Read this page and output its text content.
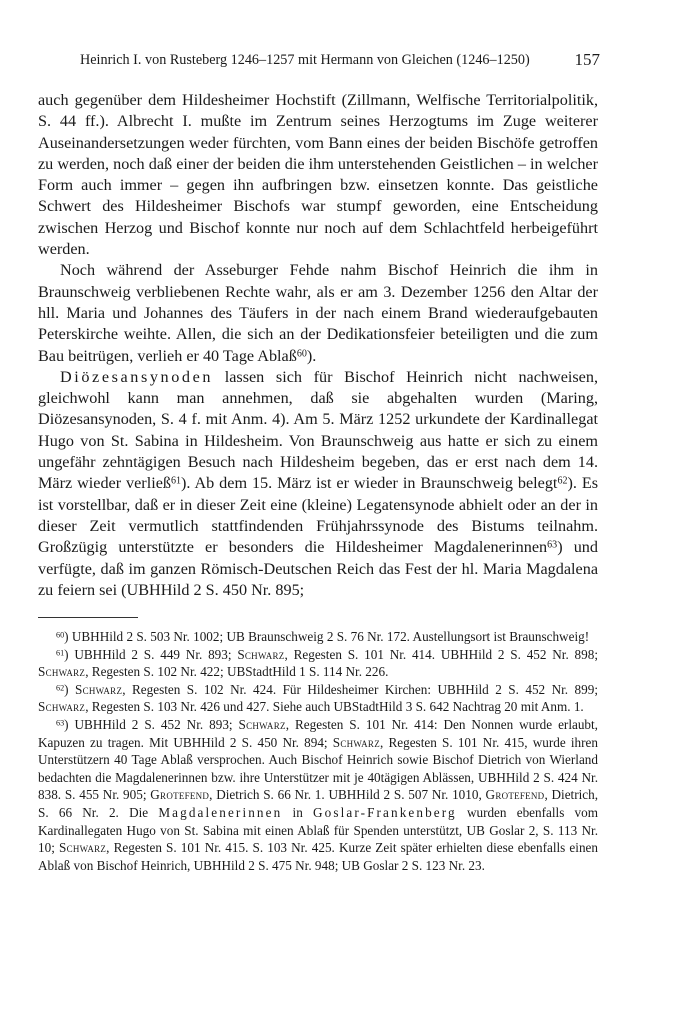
Heinrich I. von Rusteberg 1246–1257 mit Hermann von Gleichen (1246–1250)	157

auch gegenüber dem Hildesheimer Hochstift (Zillmann, Welfische Territorialpolitik, S. 44 ff.). Albrecht I. mußte im Zentrum seines Herzogtums im Zuge weiterer Auseinandersetzungen weder fürchten, vom Bann eines der beiden Bischöfe getroffen zu werden, noch daß einer der beiden die ihm unterstehenden Geistlichen – in welcher Form auch immer – gegen ihn aufbringen bzw. einsetzen konnte. Das geistliche Schwert des Hildesheimer Bischofs war stumpf geworden, eine Entscheidung zwischen Herzog und Bischof konnte nur noch auf dem Schlachtfeld herbeigeführt werden.

Noch während der Asseburger Fehde nahm Bischof Heinrich die ihm in Braunschweig verbliebenen Rechte wahr, als er am 3. Dezember 1256 den Altar der hll. Maria und Johannes des Täufers in der nach einem Brand wiederaufgebauten Peterskirche weihte. Allen, die sich an der Dedikationsfeier beteiligten und die zum Bau beitrügen, verlieh er 40 Tage Ablaß$^{60}$).

Diözesansynoden lassen sich für Bischof Heinrich nicht nachweisen, gleichwohl kann man annehmen, daß sie abgehalten wurden (Maring, Diözesansynoden, S. 4 f. mit Anm. 4). Am 5. März 1252 urkundete der Kardinallegat Hugo von St. Sabina in Hildesheim. Von Braunschweig aus hatte er sich zu einem ungefähr zehntägigen Besuch nach Hildesheim begeben, das er erst nach dem 14. März wieder verließ$^{61}$). Ab dem 15. März ist er wieder in Braunschweig belegt$^{62}$). Es ist vorstellbar, daß er in dieser Zeit eine (kleine) Legatensynode abhielt oder an der in dieser Zeit vermutlich stattfindenden Frühjahrssynode des Bistums teilnahm. Großzügig unterstützte er besonders die Hildesheimer Magdalenerinnen$^{63}$) und verfügte, daß im ganzen Römisch-Deutschen Reich das Fest der hl. Maria Magdalena zu feiern sei (UBHHild 2 S. 450 Nr. 895;

$^{60}$) UBHHild 2 S. 503 Nr. 1002; UB Braunschweig 2 S. 76 Nr. 172. Austellungsort ist Braunschweig!

$^{61}$) UBHHild 2 S. 449 Nr. 893; Schwarz, Regesten S. 101 Nr. 414. UBHHild 2 S. 452 Nr. 898; Schwarz, Regesten S. 102 Nr. 422; UBStadtHild 1 S. 114 Nr. 226.

$^{62}$) Schwarz, Regesten S. 102 Nr. 424. Für Hildesheimer Kirchen: UBHHild 2 S. 452 Nr. 899; Schwarz, Regesten S. 103 Nr. 426 und 427. Siehe auch UBStadtHild 3 S. 642 Nachtrag 20 mit Anm. 1.

$^{63}$) UBHHild 2 S. 452 Nr. 893; Schwarz, Regesten S. 101 Nr. 414: Den Nonnen wurde erlaubt, Kapuzen zu tragen. Mit UBHHild 2 S. 450 Nr. 894; Schwarz, Regesten S. 101 Nr. 415, wurde ihren Unterstützern 40 Tage Ablaß versprochen. Auch Bischof Heinrich sowie Bischof Dietrich von Wierland bedachten die Magdalenerinnen bzw. ihre Unterstützer mit je 40tägigen Ablässen, UBHHild 2 S. 424 Nr. 838. S. 455 Nr. 905; Grotefend, Dietrich S. 66 Nr. 1. UBHHild 2 S. 507 Nr. 1010, Grotefend, Dietrich, S. 66 Nr. 2. Die Magdalenerinnen in Goslar-Frankenberg wurden ebenfalls vom Kardinallegaten Hugo von St. Sabina mit einen Ablaß für Spenden unterstützt, UB Goslar 2, S. 113 Nr. 10; Schwarz, Regesten S. 101 Nr. 415. S. 103 Nr. 425. Kurze Zeit später erhielten diese ebenfalls einen Ablaß von Bischof Heinrich, UBHHild 2 S. 475 Nr. 948; UB Goslar 2 S. 123 Nr. 23.
